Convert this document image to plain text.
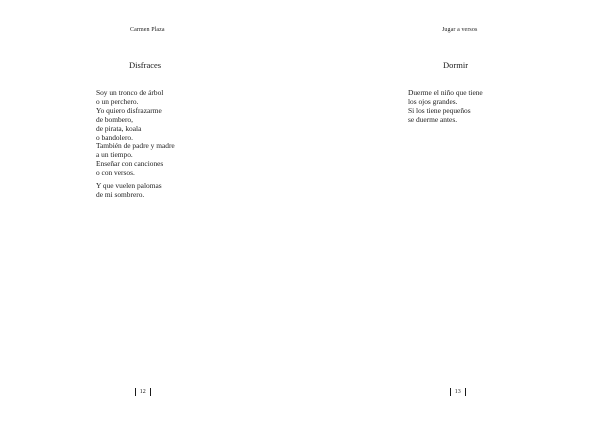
Carmen Plaza
Disfraces
Soy un tronco de árbol
o un perchero.
Yo quiero disfrazarme
de bombero,
de pirata, koala
o bandolero.
También de padre y madre
a un tiempo.
Enseñar con canciones
o con versos.
Y que vuelen palomas
de mi sombrero.
12
Jugar a versos
Dormir
Duerme el niño que tiene
los ojos grandes.
Si los tiene pequeños
se duerme antes.
13
